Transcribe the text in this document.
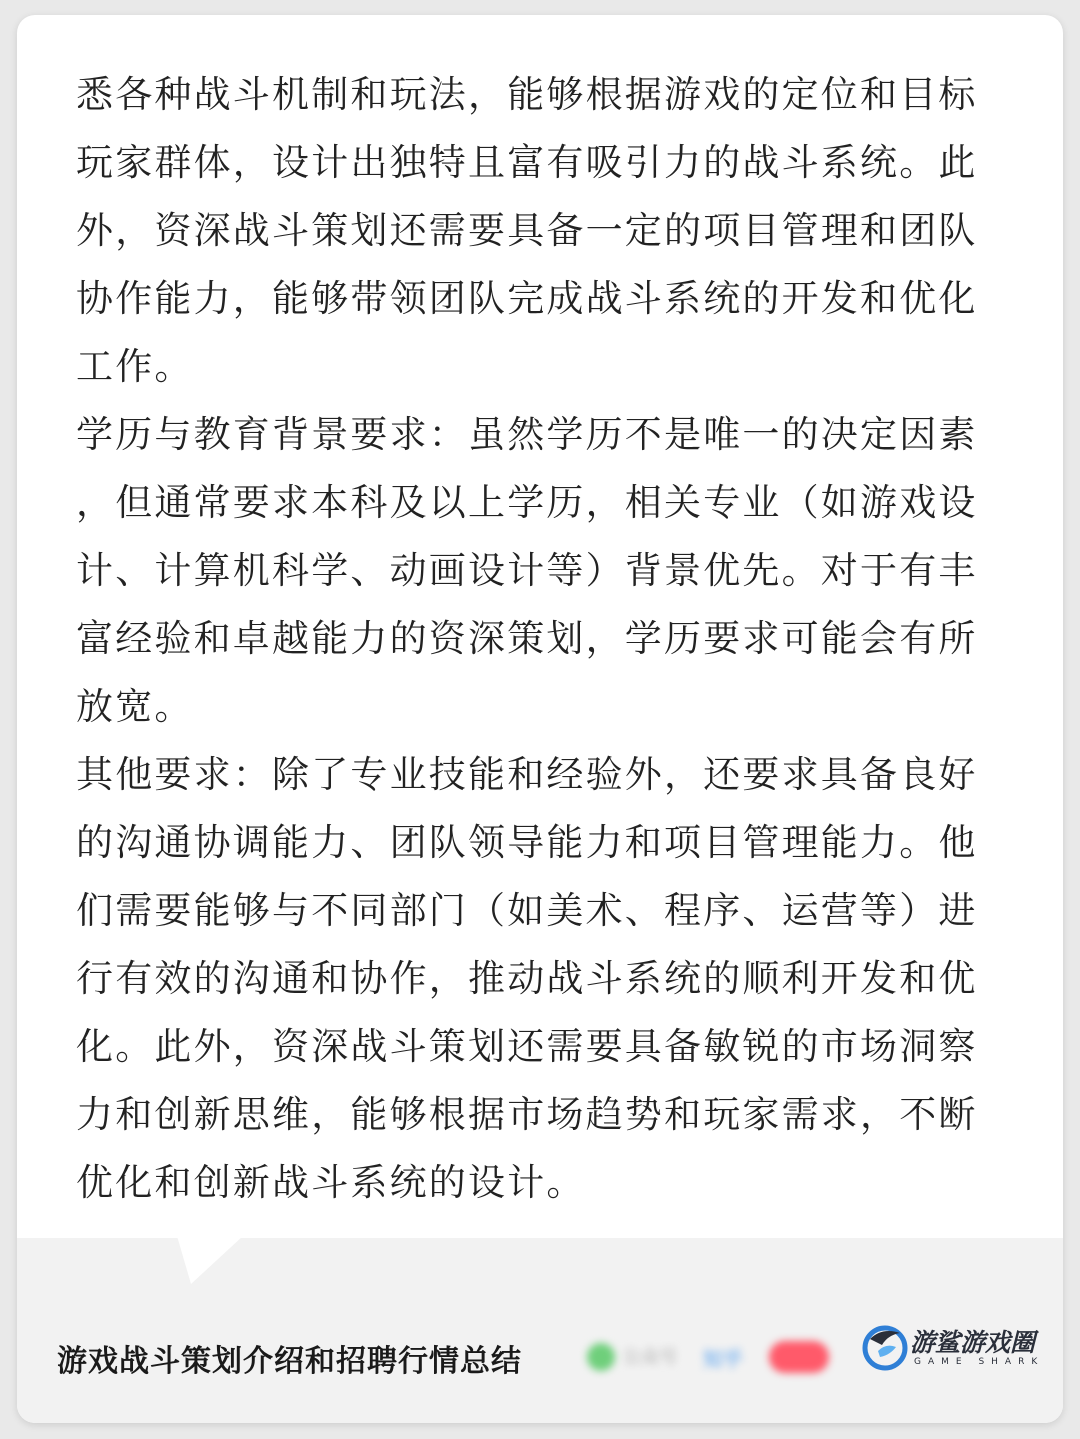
悉各种战斗机制和玩法，能够根据游戏的定位和目标
玩家群体，设计出独特且富有吸引力的战斗系统。此
外，资深战斗策划还需要具备一定的项目管理和团队
协作能力，能够带领团队完成战斗系统的开发和优化
工作。

学历与教育背景要求：虽然学历不是唯一的决定因素
，但通常要求本科及以上学历，相关专业（如游戏设
计、计算机科学、动画设计等）背景优先。对于有丰
富经验和卓越能力的资深策划，学历要求可能会有所
放宽。

其他要求：除了专业技能和经验外，还要求具备良好
的沟通协调能力、团队领导能力和项目管理能力。他
们需要能够与不同部门（如美术、程序、运营等）进
行有效的沟通和协作，推动战斗系统的顺利开发和优
化。此外，资深战斗策划还需要具备敏锐的市场洞察
力和创新思维，能够根据市场趋势和玩家需求，不断
优化和创新战斗系统的设计。

游戏战斗策划介绍和招聘行情总结	公众号 知乎
游鲨游戏圈
GAME SHARK
